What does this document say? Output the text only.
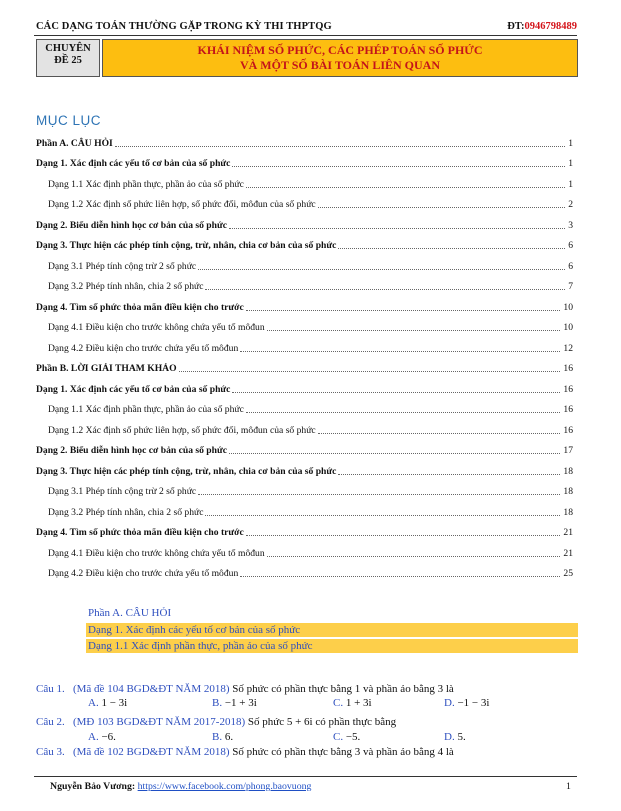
CÁC DẠNG TOÁN THƯỜNG GẶP TRONG KỲ THI THPTQG	ĐT:0946798489
CHUYÊN
ĐỀ 25
KHÁI NIỆM SỐ PHỨC, CÁC PHÉP TOÁN SỐ PHỨC
VÀ MỘT SỐ BÀI TOÁN LIÊN QUAN
MỤC LỤC
Phần A. CÂU HỎI	1
Dạng 1. Xác định các yếu tố cơ bản của số phức	1
Dạng 1.1 Xác định phần thực, phần ảo của số phức	1
Dạng 1.2 Xác định số phức liên hợp, số phức đối, môđun của số phức	2
Dạng 2. Biểu diễn hình học cơ bản của số phức	3
Dạng 3. Thực hiện các phép tính cộng, trừ, nhân, chia cơ bản của số phức	6
Dạng 3.1 Phép tính cộng trừ 2 số phức	6
Dạng 3.2 Phép tính nhân, chia 2 số phức	7
Dạng 4. Tìm số phức thỏa mãn điều kiện cho trước	10
Dạng 4.1 Điều kiện cho trước không chứa yếu tố môđun	10
Dạng 4.2 Điều kiện cho trước chứa yếu tố môđun	12
Phần B. LỜI GIẢI THAM KHẢO	16
Dạng 1. Xác định các yếu tố cơ bản của số phức	16
Dạng 1.1 Xác định phần thực, phần ảo của số phức	16
Dạng 1.2 Xác định số phức liên hợp, số phức đối, môđun của số phức	16
Dạng 2. Biểu diễn hình học cơ bản của số phức	17
Dạng 3. Thực hiện các phép tính cộng, trừ, nhân, chia cơ bản của số phức	18
Dạng 3.1 Phép tính cộng trừ 2 số phức	18
Dạng 3.2 Phép tính nhân, chia 2 số phức	18
Dạng 4. Tìm số phức thỏa mãn điều kiện cho trước	21
Dạng 4.1 Điều kiện cho trước không chứa yếu tố môđun	21
Dạng 4.2 Điều kiện cho trước chứa yếu tố môđun	25
Phần A. CÂU HỎI
Dạng 1. Xác định các yếu tố cơ bản của số phức
Dạng 1.1 Xác định phần thực, phần ảo của số phức
Câu 1. (Mã đề 104 BGD&ĐT NĂM 2018) Số phức có phần thực bằng 1 và phần ảo bằng 3 là
A. 1 − 3i	B. −1 + 3i	C. 1 + 3i	D. −1 − 3i
Câu 2. (MĐ 103 BGD&ĐT NĂM 2017-2018) Số phức 5 + 6i có phần thực bằng
A. −6.	B. 6.	C. −5.	D. 5.
Câu 3. (Mã đề 102 BGD&ĐT NĂM 2018) Số phức có phần thực bằng 3 và phần ảo bằng 4 là
Nguyễn Bảo Vương: https://www.facebook.com/phong.baovuong	1
